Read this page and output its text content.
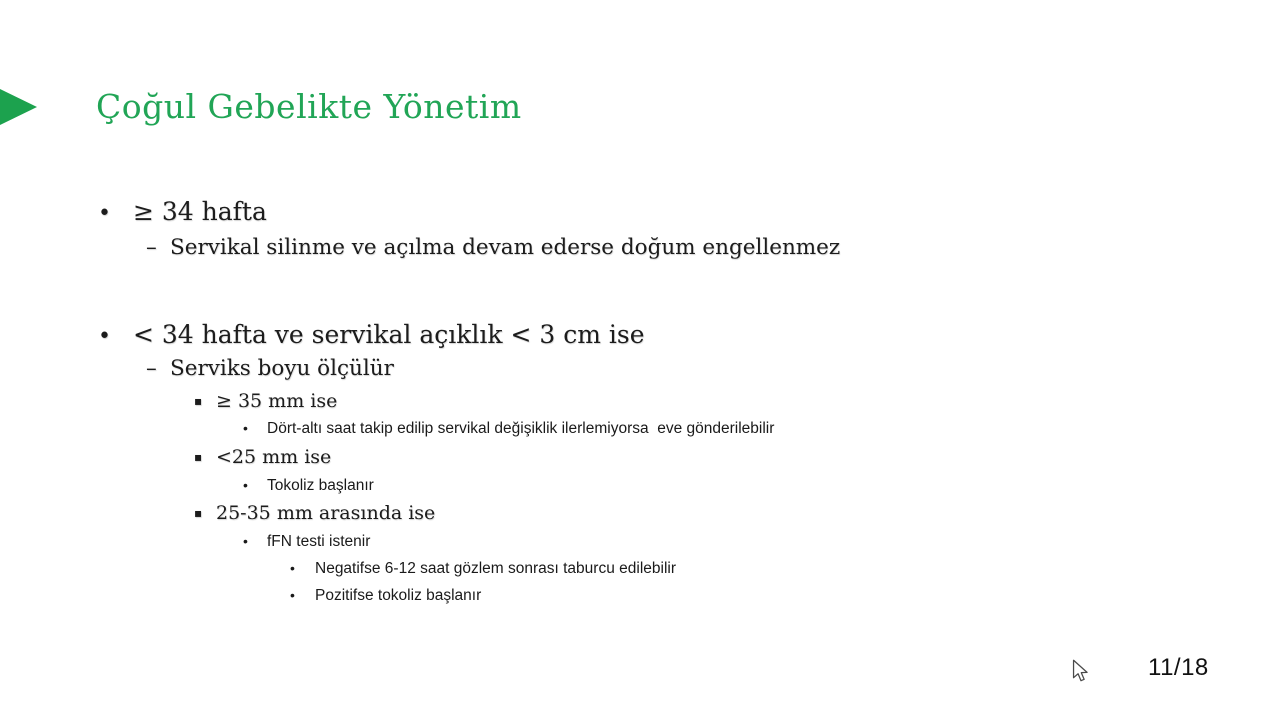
Çoğul Gebelikte Yönetim
• ≥ 34 hafta
– Servikal silinme ve açılma devam ederse doğum engellenmez
• < 34 hafta ve servikal açıklık < 3 cm ise
– Serviks boyu ölçülür
▪ ≥ 35 mm ise
•	Dört-altı saat takip edilip servikal değişiklik ilerlemiyorsa  eve gönderilebilir
▪ <25 mm ise
•	Tokoliz başlanır
▪ 25-35 mm arasında ise
•	fFN testi istenir
•	Negatifse 6-12 saat gözlem sonrası taburcu edilebilir
•	Pozitifse tokoliz başlanır
11/18
